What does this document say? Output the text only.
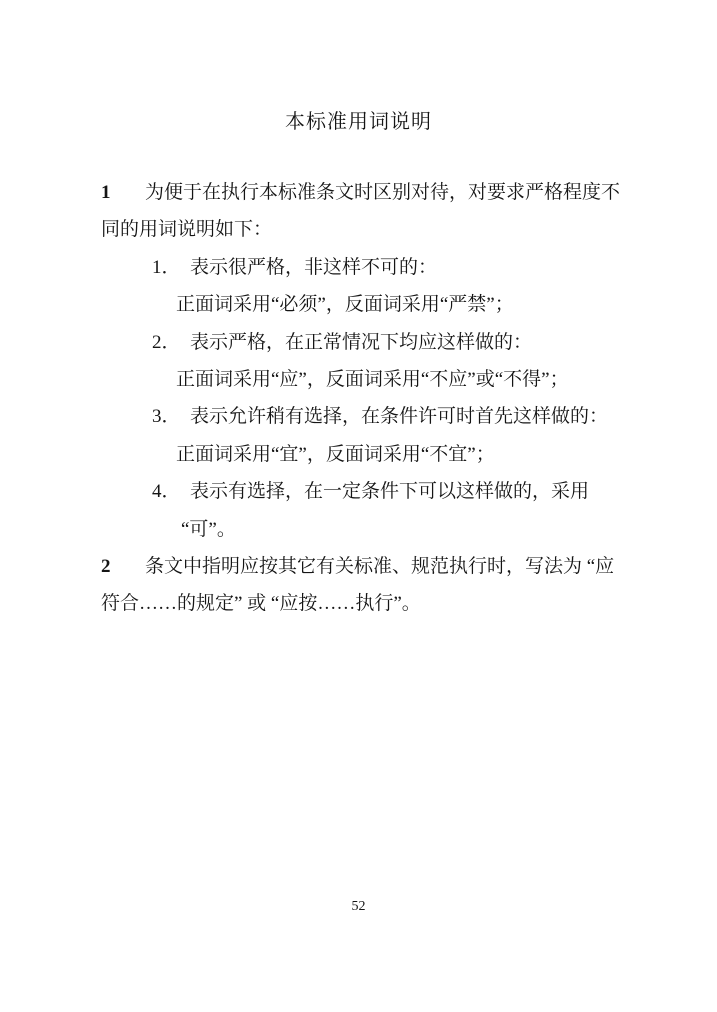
本标准用词说明
1 为便于在执行本标准条文时区别对待，对要求严格程度不
同的用词说明如下：
1． 表示很严格，非这样不可的：
正面词采用“必须”，反面词采用“严禁”；
2． 表示严格，在正常情况下均应这样做的：
正面词采用“应”，反面词采用“不应”或“不得”；
3． 表示允许稍有选择，在条件许可时首先这样做的：
正面词采用“宜”，反面词采用“不宜”；
4． 表示有选择，在一定条件下可以这样做的，采用
“可”。
2 条文中指明应按其它有关标准、规范执行时，写法为 “应
符合……的规定” 或 “应按……执行”。
52
